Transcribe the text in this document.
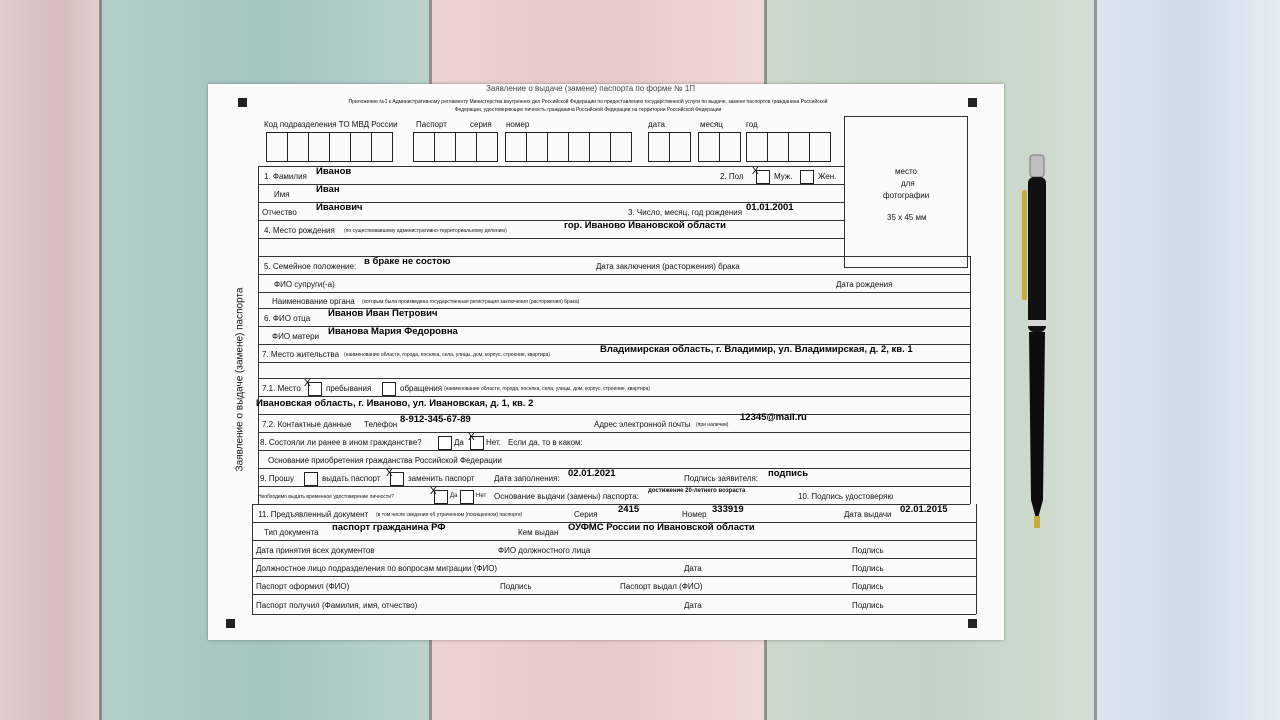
Заявление о выдаче (замене) паспорта по форме № 1П
Приложение №1 к Административному регламенту Министерства внутренних дел Российской Федерации по предоставлению государственной услуги по выдаче, замене паспортов гражданина Российской Федерации, удостоверяющих личность гражданина Российской Федерации на территории Российской Федерации
Заявление о выдаче (замене) паспорта
Код подразделения ТО МВД России Паспорт	серия номер	дата	месяц	год
место
для
фотографии
35 х 45 мм
1. Фамилия Иванов	2. Пол X Муж.	Жен.
Имя	Иван
Отчество Иванович	3. Число, месяц, год рождения 01.01.2001
4. Место рождения (по существовавшему административно-территориальному делению)	гор. Иваново Ивановской области
5. Семейное положение: в браке не состою	Дата заключения (расторжения) брака
ФИО супруги(-а)	Дата рождения
Наименование органа (которым была произведена государственная регистрация заключения (расторжения) брака)
6. ФИО отца Иванов Иван Петрович
ФИО матери Иванова Мария Федоровна
7. Место жительства (наименование области, города, поселка, села, улицы, дом, корпус, строение, квартира)	Владимирская область, г. Владимир, ул. Владимирская, д. 2, кв. 1
7.1. Место X пребывания	обращения (наименование области, города, поселка, села, улицы, дом, корпус, строение, квартира)
Ивановская область, г. Иваново, ул. Ивановская, д. 1, кв. 2
7.2. Контактные данные Телефон 8-912-345-67-89	Адрес электронной почты (при наличии)
12345@mail.ru
8. Состояли ли ранее в ином гражданстве?	Да X Нет. Если да, то в каком:
Основание приобретения гражданства Российской Федерации
9. Прошу	выдать паспорт X заменить паспорт Дата заполнения: 02.01.2021	Подпись заявителя: подпись
Необходимо выдать временное удостоверение личности?	X Да	Нет Основание выдачи (замены) паспорта:
достижение 20-летнего возраста
10. Подпись удостоверяю
11. Предъявленный документ (в том числе сведения об утраченном (похищенном) паспорте)	Серия 2415	Номер 333919	Дата выдачи 02.01.2015
Тип документа паспорт гражданина РФ	Кем выдан ОУФМС России по Ивановской области
Дата принятия всех документов	ФИО должностного лица	Подпись
Должностное лицо подразделения по вопросам миграции (ФИО)	Дата	Подпись
Паспорт оформил (ФИО)	Подпись	Паспорт выдал (ФИО)	Подпись
Паспорт получил (Фамилия, имя, отчество)	Дата	Подпись
